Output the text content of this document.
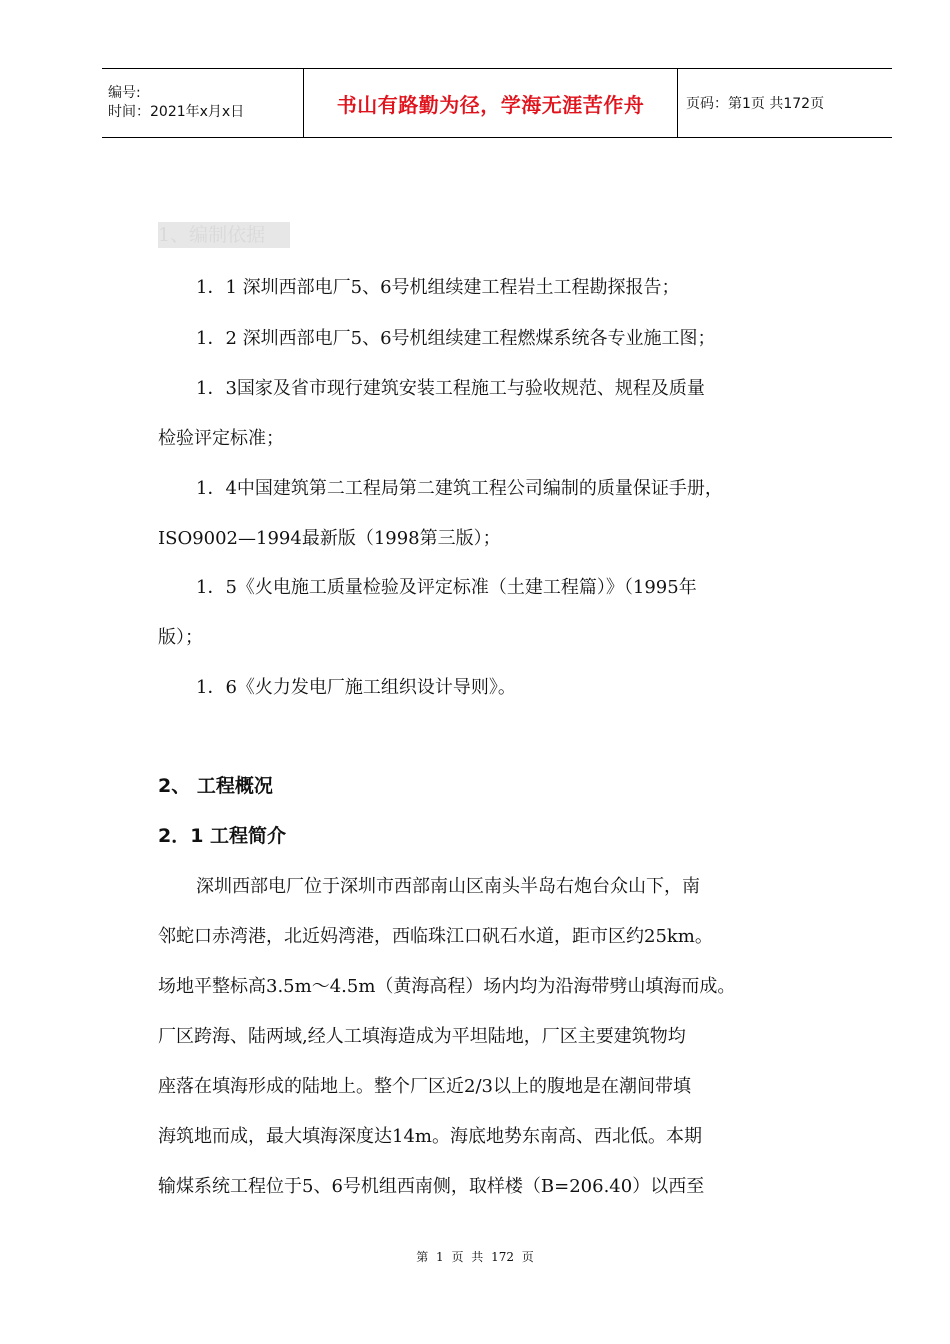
编号:
时间：2021年x月x日	书山有路勤为径，学海无涯苦作舟	页码：第1页 共172页
1、编制依据
1．1 深圳西部电厂5、6号机组续建工程岩土工程勘探报告；
1．2 深圳西部电厂5、6号机组续建工程燃煤系统各专业施工图；
1．3国家及省市现行建筑安装工程施工与验收规范、规程及质量
检验评定标准；
1．4中国建筑第二工程局第二建筑工程公司编制的质量保证手册，
ISO9002—1994最新版（1998第三版）；
1．5《火电施工质量检验及评定标准（土建工程篇）》（1995年
版）；
1．6《火力发电厂施工组织设计导则》。
2、 工程概况
2．1 工程简介
深圳西部电厂位于深圳市西部南山区南头半岛右炮台众山下，南
邻蛇口赤湾港，北近妈湾港，西临珠江口矾石水道，距市区约25km。
场地平整标高3.5m～4.5m（黄海高程）场内均为沿海带劈山填海而成。
厂区跨海、陆两域,经人工填海造成为平坦陆地，厂区主要建筑物均
座落在填海形成的陆地上。整个厂区近2/3以上的腹地是在潮间带填
海筑地而成，最大填海深度达14m。海底地势东南高、西北低。本期
输煤系统工程位于5、6号机组西南侧，取样楼（B=206.40）以西至
第 1 页 共 172 页
